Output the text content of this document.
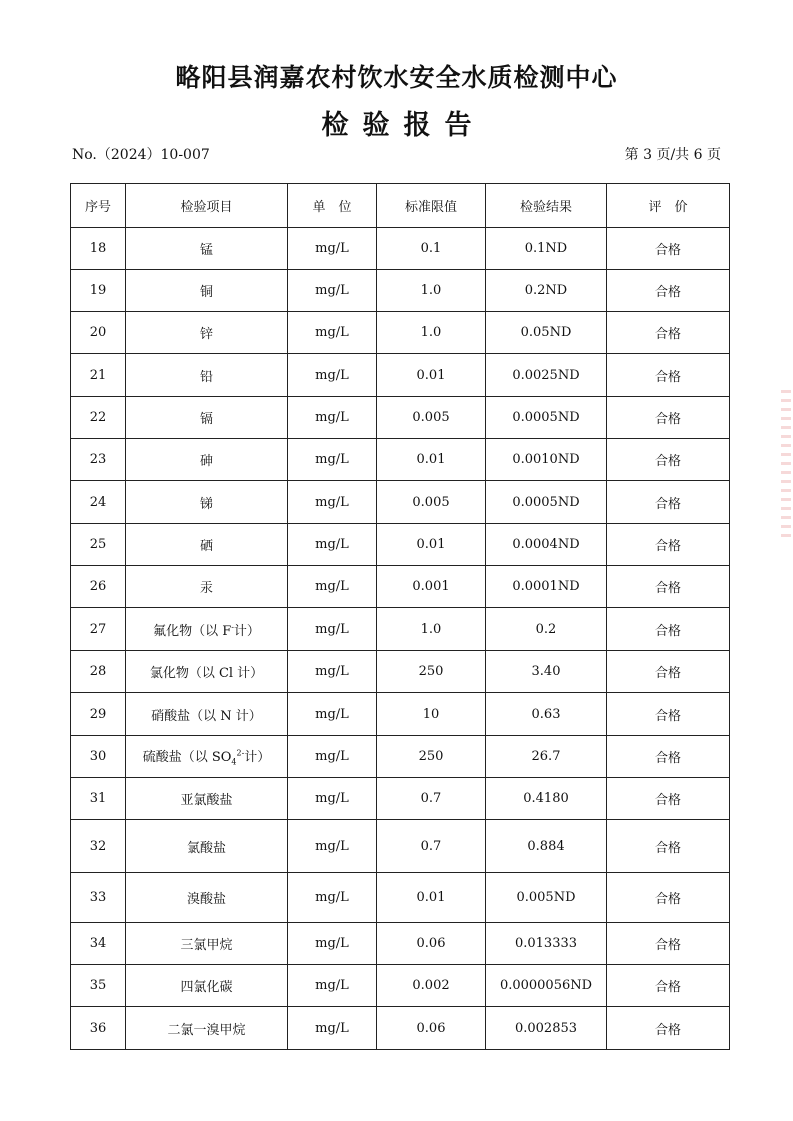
略阳县润嘉农村饮水安全水质检测中心
检验报告
No.（2024）10-007	第 3 页/共 6 页
序号	检验项目	单　位	标准限值	检验结果	评　价
18	锰	mg/L	0.1	0.1ND	合格
19	铜	mg/L	1.0	0.2ND	合格
20	锌	mg/L	1.0	0.05ND	合格
21	铅	mg/L	0.01	0.0025ND	合格
22	镉	mg/L	0.005	0.0005ND	合格
23	砷	mg/L	0.01	0.0010ND	合格
24	锑	mg/L	0.005	0.0005ND	合格
25	硒	mg/L	0.01	0.0004ND	合格
26	汞	mg/L	0.001	0.0001ND	合格
27	氟化物（以 F-计）	mg/L	1.0	0.2	合格
28	氯化物（以 Cl 计）	mg/L	250	3.40	合格
29	硝酸盐（以 N 计）	mg/L	10	0.63	合格
30	硫酸盐（以 $SO_4^{2-}$计）	mg/L	250	26.7	合格
31	亚氯酸盐	mg/L	0.7	0.4180	合格
32	氯酸盐	mg/L	0.7	0.884	合格
33	溴酸盐	mg/L	0.01	0.005ND	合格
34	三氯甲烷	mg/L	0.06	0.013333	合格
35	四氯化碳	mg/L	0.002	0.0000056ND	合格
36	二氯一溴甲烷	mg/L	0.06	0.002853	合格
